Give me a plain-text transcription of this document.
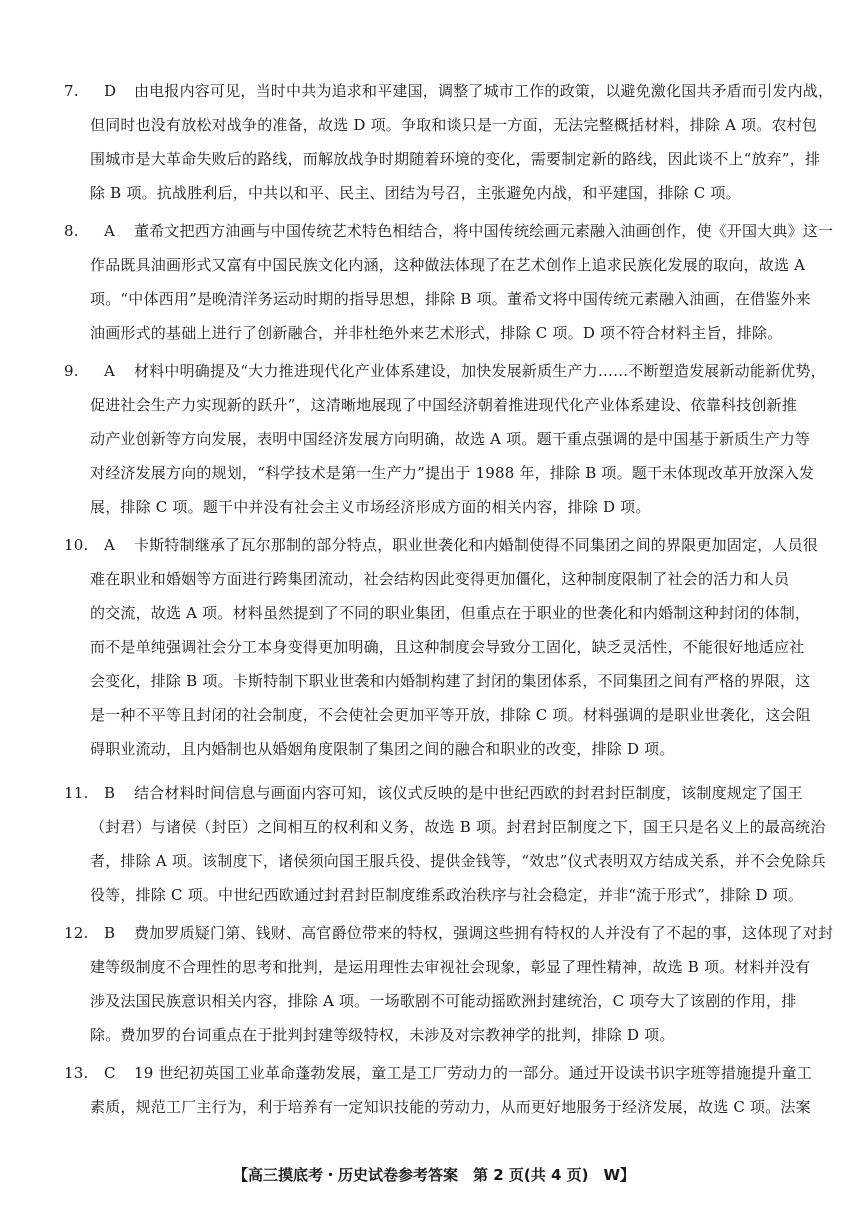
7. D 由电报内容可见，当时中共为追求和平建国，调整了城市工作的政策，以避免激化国共矛盾而引发内战，
但同时也没有放松对战争的准备，故选 D 项。争取和谈只是一方面，无法完整概括材料，排除 A 项。农村包
围城市是大革命失败后的路线，而解放战争时期随着环境的变化，需要制定新的路线，因此谈不上“放弃”，排
除 B 项。抗战胜利后，中共以和平、民主、团结为号召，主张避免内战，和平建国，排除 C 项。
8. A 董希文把西方油画与中国传统艺术特色相结合，将中国传统绘画元素融入油画创作，使《开国大典》这一
作品既具油画形式又富有中国民族文化内涵，这种做法体现了在艺术创作上追求民族化发展的取向，故选 A
项。“中体西用”是晚清洋务运动时期的指导思想，排除 B 项。董希文将中国传统元素融入油画，在借鉴外来
油画形式的基础上进行了创新融合，并非杜绝外来艺术形式，排除 C 项。D 项不符合材料主旨，排除。
9. A 材料中明确提及“大力推进现代化产业体系建设，加快发展新质生产力……不断塑造发展新动能新优势，
促进社会生产力实现新的跃升”，这清晰地展现了中国经济朝着推进现代化产业体系建设、依靠科技创新推
动产业创新等方向发展，表明中国经济发展方向明确，故选 A 项。题干重点强调的是中国基于新质生产力等
对经济发展方向的规划，“科学技术是第一生产力”提出于 1988 年，排除 B 项。题干未体现改革开放深入发
展，排除 C 项。题干中并没有社会主义市场经济形成方面的相关内容，排除 D 项。
10. A 卡斯特制继承了瓦尔那制的部分特点，职业世袭化和内婚制使得不同集团之间的界限更加固定，人员很
难在职业和婚姻等方面进行跨集团流动，社会结构因此变得更加僵化，这种制度限制了社会的活力和人员
的交流，故选 A 项。材料虽然提到了不同的职业集团，但重点在于职业的世袭化和内婚制这种封闭的体制，
而不是单纯强调社会分工本身变得更加明确，且这种制度会导致分工固化，缺乏灵活性，不能很好地适应社
会变化，排除 B 项。卡斯特制下职业世袭和内婚制构建了封闭的集团体系，不同集团之间有严格的界限，这
是一种不平等且封闭的社会制度，不会使社会更加平等开放，排除 C 项。材料强调的是职业世袭化，这会阻
碍职业流动，且内婚制也从婚姻角度限制了集团之间的融合和职业的改变，排除 D 项。
11. B 结合材料时间信息与画面内容可知，该仪式反映的是中世纪西欧的封君封臣制度，该制度规定了国王
（封君）与诸侯（封臣）之间相互的权利和义务，故选 B 项。封君封臣制度之下，国王只是名义上的最高统治
者，排除 A 项。该制度下，诸侯须向国王服兵役、提供金钱等，“效忠”仪式表明双方结成关系，并不会免除兵
役等，排除 C 项。中世纪西欧通过封君封臣制度维系政治秩序与社会稳定，并非“流于形式”，排除 D 项。
12. B 费加罗质疑门第、钱财、高官爵位带来的特权，强调这些拥有特权的人并没有了不起的事，这体现了对封
建等级制度不合理性的思考和批判，是运用理性去审视社会现象，彰显了理性精神，故选 B 项。材料并没有
涉及法国民族意识相关内容，排除 A 项。一场歌剧不可能动摇欧洲封建统治，C 项夸大了该剧的作用，排
除。费加罗的台词重点在于批判封建等级特权，未涉及对宗教神学的批判，排除 D 项。
13. C 19 世纪初英国工业革命蓬勃发展，童工是工厂劳动力的一部分。通过开设读书识字班等措施提升童工
素质，规范工厂主行为，利于培养有一定知识技能的劳动力，从而更好地服务于经济发展，故选 C 项。法案
【高三摸底考・历史试卷参考答案　第 2 页(共 4 页)　W】
